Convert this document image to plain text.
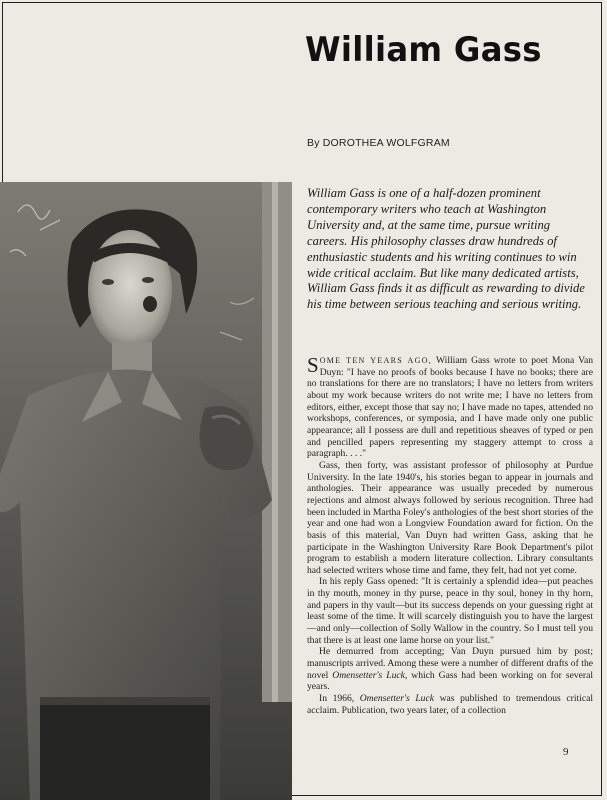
William Gass
By DOROTHEA WOLFGRAM

William Gass is one of a half-dozen prominent contemporary writers who teach at Washington University and, at the same time, pursue writing careers. His philosophy classes draw hundreds of enthusiastic students and his writing continues to win wide critical acclaim. But like many dedicated artists, William Gass finds it as difficult as rewarding to divide his time between serious teaching and serious writing.

SOME TEN YEARS AGO, William Gass wrote to poet Mona Van Duyn: "I have no proofs of books because I have no books; there are no translations for there are no translators; I have no letters from writers about my work because writers do not write me; I have no letters from editors, either, except those that say no; I have made no tapes, attended no workshops, conferences, or symposia, and I have made only one public appearance; all I possess are dull and repetitious sheaves of typed or pen and pencilled papers representing my staggery attempt to cross a paragraph. . . ."

Gass, then forty, was assistant professor of philosophy at Purdue University. In the late 1940's, his stories began to appear in journals and anthologies. Their appearance was usually preceded by numerous rejections and almost always followed by serious recognition. Three had been included in Martha Foley's anthologies of the best short stories of the year and one had won a Longview Foundation award for fiction. On the basis of this material, Van Duyn had written Gass, asking that he participate in the Washington University Rare Book Department's pilot program to establish a modern literature collection. Library consultants had selected writers whose time and fame, they felt, had not yet come.

In his reply Gass opened: "It is certainly a splendid idea—put peaches in thy mouth, money in thy purse, peace in thy soul, honey in thy horn, and papers in thy vault—but its success depends on your guessing right at least some of the time. It will scarcely distinguish you to have the largest—and only—collection of Solly Wallow in the country. So I must tell you that there is at least one lame horse on your list."

He demurred from accepting; Van Duyn pursued him by post; manuscripts arrived. Among these were a number of different drafts of the novel Omensetter's Luck, which Gass had been working on for several years.

In 1966, Omensetter's Luck was published to tremendous critical acclaim. Publication, two years later, of a collection

9
